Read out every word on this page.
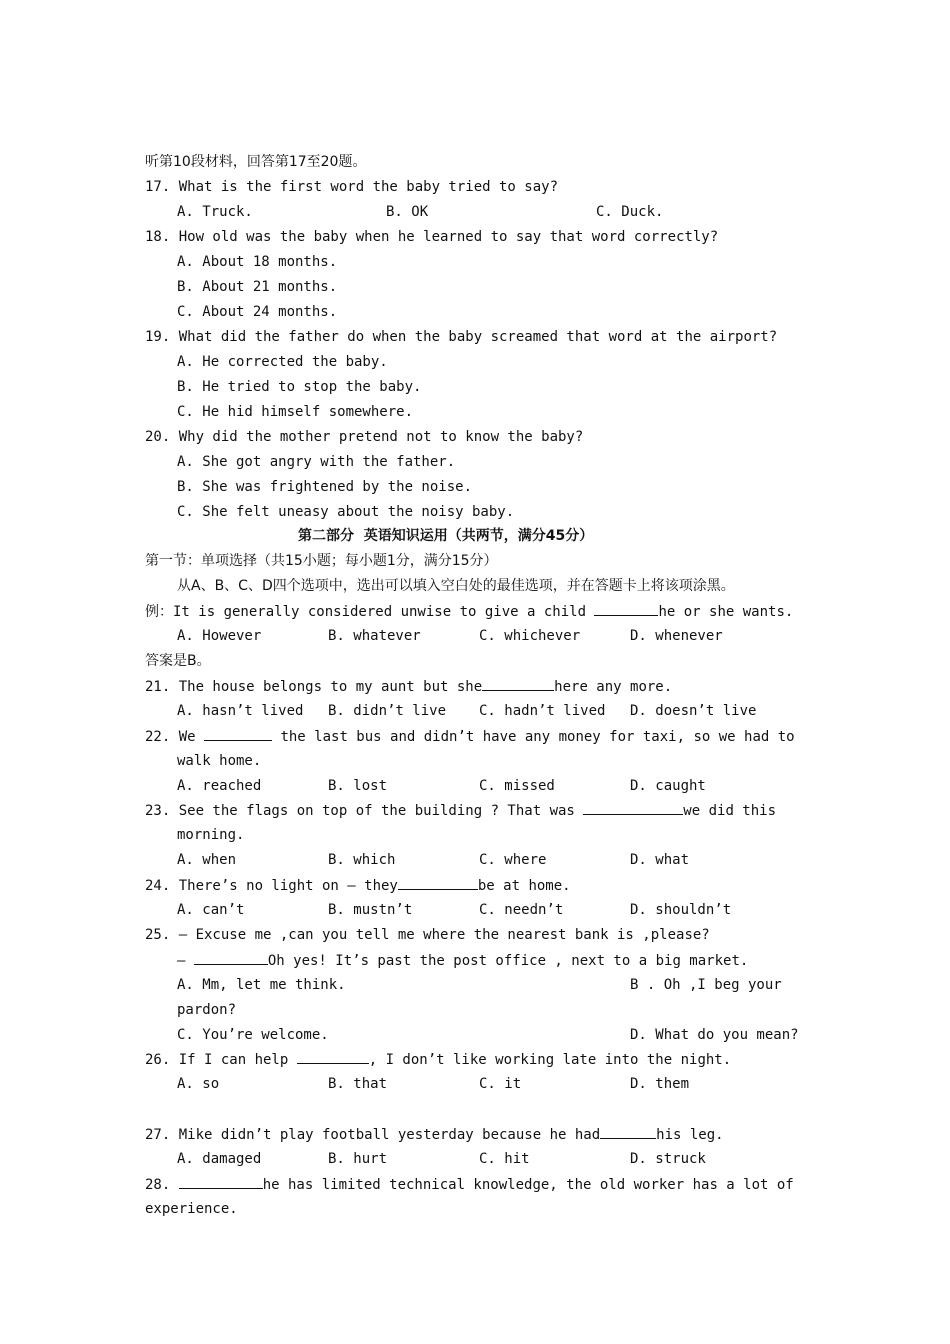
听第10段材料，回答第17至20题。
17. What is the first word the baby tried to say?
A. Truck.	B. OK	C. Duck.
18. How old was the baby when he learned to say that word correctly?
A. About 18 months.
B. About 21 months.
C. About 24 months.
19. What did the father do when the baby screamed that word at the airport?
A. He corrected the baby.
B. He tried to stop the baby.
C. He hid himself somewhere.
20. Why did the mother pretend not to know the baby?
A. She got angry with the father.
B. She was frightened by the noise.
C. She felt uneasy about the noisy baby.
第二部分  英语知识运用（共两节，满分45分）
第一节：单项选择（共15小题；每小题1分，满分15分）
从A、B、C、D四个选项中，选出可以填入空白处的最佳选项，并在答题卡上将该项涂黑。
例：It is generally considered unwise to give a child	he or she wants.
A. However	B. whatever	C. whichever	D. whenever
答案是B。
21. The house belongs to my aunt but she	here any more.
A. hasn’t lived B. didn’t live C. hadn’t lived D. doesn’t live
22. We	the last bus and didn’t have any money for taxi, so we had to
walk home.
A. reached	B. lost	C. missed	D. caught
23. See the flags on top of the building ? That was	we did this
morning.
A. when	B. which	C. where	D. what
24. There’s no light on — they	be at home.
A. can’t	B. mustn’t	C. needn’t	D. shouldn’t
25. — Excuse me ,can you tell me where the nearest bank is ,please?
—	Oh yes! It’s past the post office , next to a big market.
A. Mm, let me think.	B . Oh ,I beg your
pardon?
C. You’re welcome.	D. What do you mean?
26. If I can help	, I don’t like working late into the night.
A. so	B. that	C. it	D. them
27. Mike didn’t play football yesterday because he had	his leg.
A. damaged	B. hurt	C. hit	D. struck
28.	he has limited technical knowledge, the old worker has a lot of
experience.
